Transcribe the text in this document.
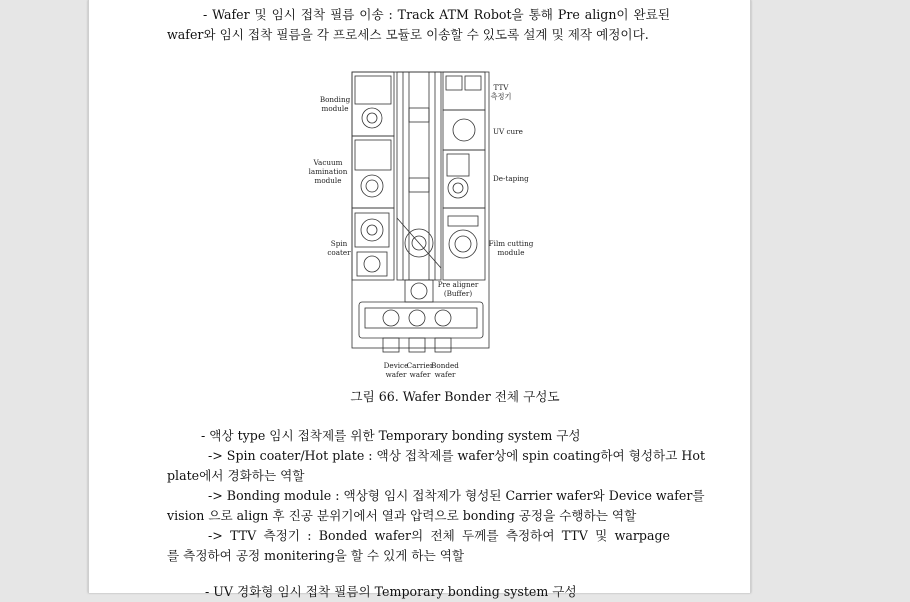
- Wafer 및 임시 접착 필름 이송 : Track ATM Robot을 통해 Pre align이 완료된
wafer와 임시 접착 필름을 각 프로세스 모듈로 이송할 수 있도록 설계 및 제작 예정이다.
Bonding module
Vacuum lamination module
Spin coater
TTV 측정기
UV cure
De-taping
Film cutting module
Pre aligner (Buffer)
Device wafer
Carrier wafer
Bonded wafer
그림 66. Wafer Bonder 전체 구성도
- 액상 type 임시 접착제를 위한 Temporary bonding system 구성
-> Spin coater/Hot plate : 액상 접착제를 wafer상에 spin coating하여 형성하고 Hot
plate에서 경화하는 역할
-> Bonding module : 액상형 임시 접착제가 형성된 Carrier wafer와 Device wafer를
vision 으로 align 후 진공 분위기에서 열과 압력으로 bonding 공정을 수행하는 역할
-> TTV 측정기 : Bonded wafer의 전체 두께를 측정하여 TTV 및 warpage
를 측정하여 공정 monitering을 할 수 있게 하는 역할
- UV 경화형 임시 접착 필름의 Temporary bonding system 구성
